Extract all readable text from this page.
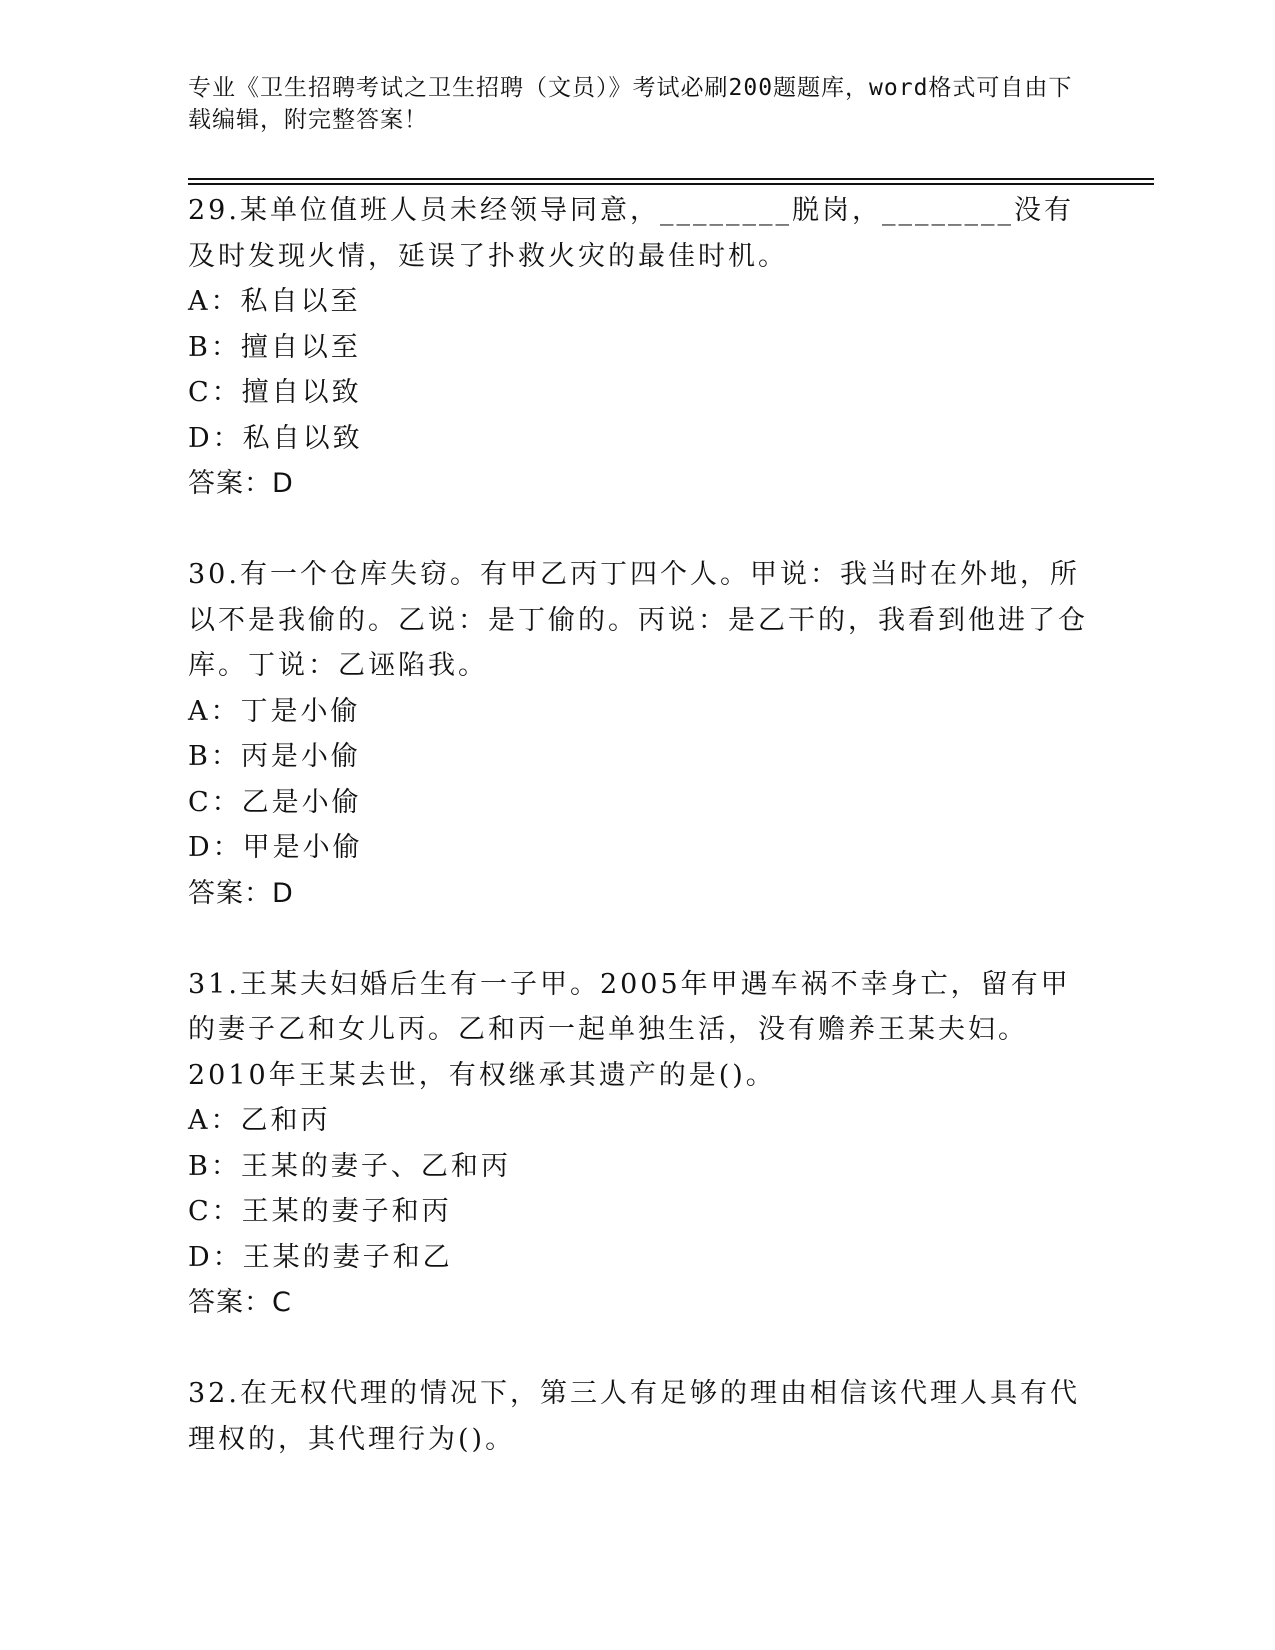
专业《卫生招聘考试之卫生招聘（文员）》考试必刷200题题库，word格式可自由下载编辑，附完整答案！

29.某单位值班人员未经领导同意，________脱岗，________没有及时发现火情，延误了扑救火灾的最佳时机。

A：私自以至

B：擅自以至

C：擅自以致

D：私自以致

答案：D

30.有一个仓库失窃。有甲乙丙丁四个人。甲说：我当时在外地，所以不是我偷的。乙说：是丁偷的。丙说：是乙干的，我看到他进了仓库。丁说：乙诬陷我。

A：丁是小偷

B：丙是小偷

C：乙是小偷

D：甲是小偷

答案：D

31.王某夫妇婚后生有一子甲。2005年甲遇车祸不幸身亡，留有甲的妻子乙和女儿丙。乙和丙一起单独生活，没有赡养王某夫妇。2010年王某去世，有权继承其遗产的是()。

A：乙和丙

B：王某的妻子、乙和丙

C：王某的妻子和丙

D：王某的妻子和乙

答案：C

32.在无权代理的情况下，第三人有足够的理由相信该代理人具有代理权的，其代理行为()。
